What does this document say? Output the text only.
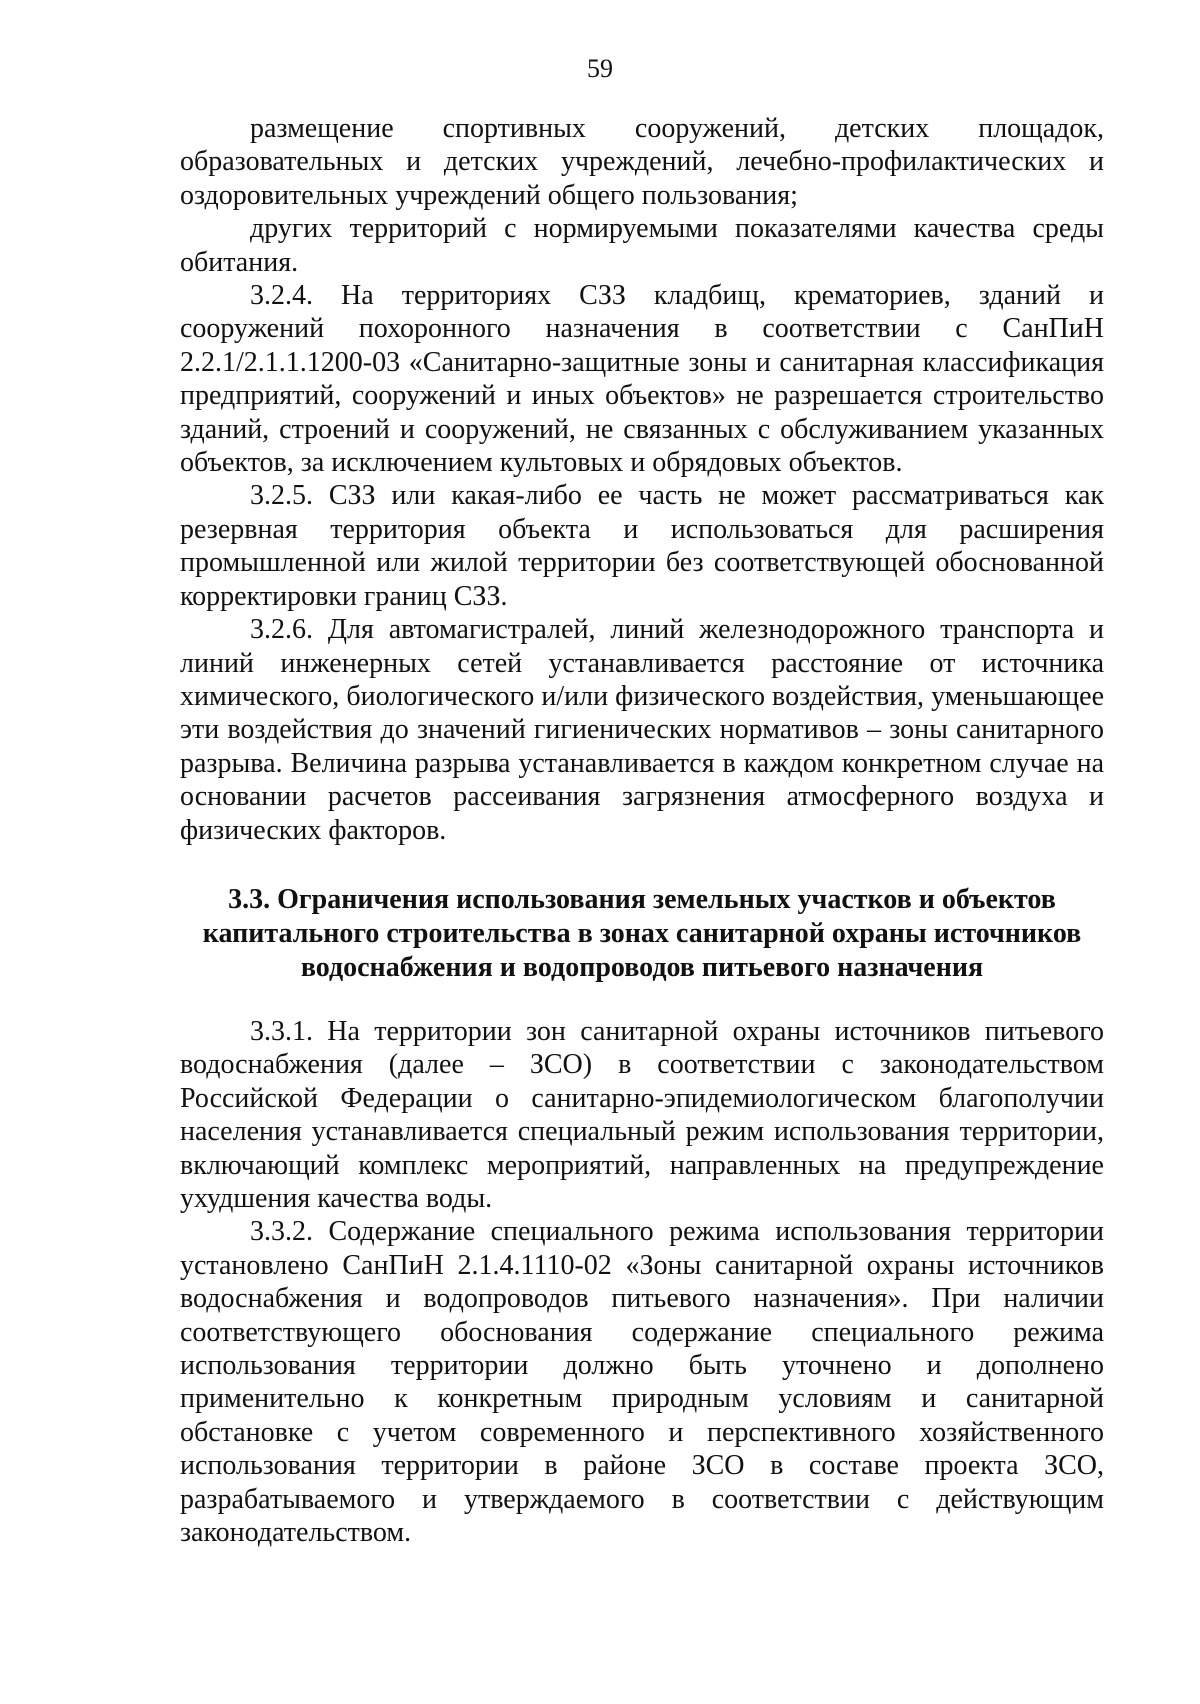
59

размещение спортивных сооружений, детских площадок, образовательных и детских учреждений, лечебно-профилактических и оздоровительных учреждений общего пользования;

других территорий с нормируемыми показателями качества среды обитания.

3.2.4. На территориях СЗЗ кладбищ, крематориев, зданий и сооружений похоронного назначения в соответствии с СанПиН 2.2.1/2.1.1.1200-03 «Санитарно-защитные зоны и санитарная классификация предприятий, сооружений и иных объектов» не разрешается строительство зданий, строений и сооружений, не связанных с обслуживанием указанных объектов, за исключением культовых и обрядовых объектов.

3.2.5. СЗЗ или какая-либо ее часть не может рассматриваться как резервная территория объекта и использоваться для расширения промышленной или жилой территории без соответствующей обоснованной корректировки границ СЗЗ.

3.2.6. Для автомагистралей, линий железнодорожного транспорта и линий инженерных сетей устанавливается расстояние от источника химического, биологического и/или физического воздействия, уменьшающее эти воздействия до значений гигиенических нормативов – зоны санитарного разрыва. Величина разрыва устанавливается в каждом конкретном случае на основании расчетов рассеивания загрязнения атмосферного воздуха и физических факторов.

3.3. Ограничения использования земельных участков и объектов
капитального строительства в зонах санитарной охраны источников
водоснабжения и водопроводов питьевого назначения

3.3.1. На территории зон санитарной охраны источников питьевого водоснабжения (далее – ЗСО) в соответствии с законодательством Российской Федерации о санитарно-эпидемиологическом благополучии населения устанавливается специальный режим использования территории, включающий комплекс мероприятий, направленных на предупреждение ухудшения качества воды.

3.3.2. Содержание специального режима использования территории установлено СанПиН 2.1.4.1110-02 «Зоны санитарной охраны источников водоснабжения и водопроводов питьевого назначения». При наличии соответствующего обоснования содержание специального режима использования территории должно быть уточнено и дополнено применительно к конкретным природным условиям и санитарной обстановке с учетом современного и перспективного хозяйственного использования территории в районе ЗСО в составе проекта ЗСО, разрабатываемого и утверждаемого в соответствии с действующим законодательством.
